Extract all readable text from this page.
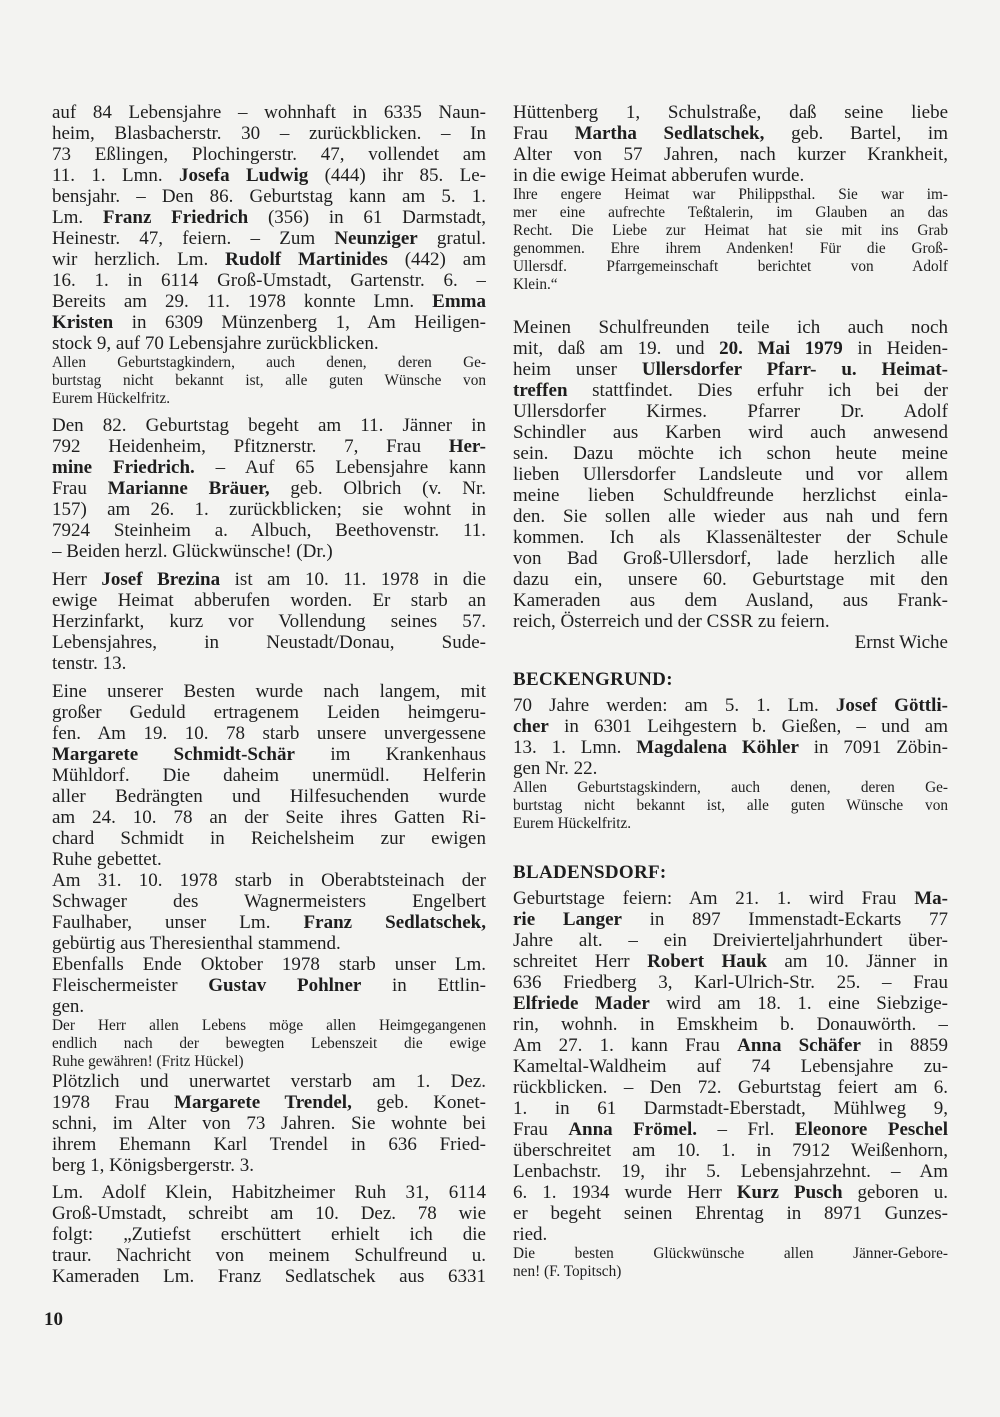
auf 84 Lebensjahre – wohnhaft in 6335 Naun-
heim, Blasbacherstr. 30 – zurückblicken. – In
73 Eßlingen, Plochingerstr. 47, vollendet am
11. 1. Lmn. Josefa Ludwig (444) ihr 85. Le-
bensjahr. – Den 86. Geburtstag kann am 5. 1.
Lm. Franz Friedrich (356) in 61 Darmstadt,
Heinestr. 47, feiern. – Zum Neunziger gratul.
wir herzlich. Lm. Rudolf Martinides (442) am
16. 1. in 6114 Groß-Umstadt, Gartenstr. 6. –
Bereits am 29. 11. 1978 konnte Lmn. Emma
Kristen in 6309 Münzenberg 1, Am Heiligen-
stock 9, auf 70 Lebensjahre zurückblicken.
Allen Geburtstagkindern, auch denen, deren Ge-
burtstag nicht bekannt ist, alle guten Wünsche von
Eurem Hückelfritz.
Den 82. Geburtstag begeht am 11. Jänner in
792 Heidenheim, Pfitznerstr. 7, Frau Her-
mine Friedrich. – Auf 65 Lebensjahre kann
Frau Marianne Bräuer, geb. Olbrich (v. Nr.
157) am 26. 1. zurückblicken; sie wohnt in
7924 Steinheim a. Albuch, Beethovenstr. 11.
– Beiden herzl. Glückwünsche! (Dr.)
Herr Josef Brezina ist am 10. 11. 1978 in die
ewige Heimat abberufen worden. Er starb an
Herzinfarkt, kurz vor Vollendung seines 57.
Lebensjahres, in Neustadt/Donau, Sude-
tenstr. 13.
Eine unserer Besten wurde nach langem, mit
großer Geduld ertragenem Leiden heimgeru-
fen. Am 19. 10. 78 starb unsere unvergessene
Margarete Schmidt-Schär im Krankenhaus
Mühldorf. Die daheim unermüdl. Helferin
aller Bedrängten und Hilfesuchenden wurde
am 24. 10. 78 an der Seite ihres Gatten Ri-
chard Schmidt in Reichelsheim zur ewigen
Ruhe gebettet.
Am 31. 10. 1978 starb in Oberabtsteinach der
Schwager des Wagnermeisters Engelbert
Faulhaber, unser Lm. Franz Sedlatschek,
gebürtig aus Theresienthal stammend.
Ebenfalls Ende Oktober 1978 starb unser Lm.
Fleischermeister Gustav Pohlner in Ettlin-
gen.
Der Herr allen Lebens möge allen Heimgegangenen
endlich nach der bewegten Lebenszeit die ewige
Ruhe gewähren! (Fritz Hückel)
Plötzlich und unerwartet verstarb am 1. Dez.
1978 Frau Margarete Trendel, geb. Konet-
schni, im Alter von 73 Jahren. Sie wohnte bei
ihrem Ehemann Karl Trendel in 636 Fried-
berg 1, Königsbergerstr. 3.
Lm. Adolf Klein, Habitzheimer Ruh 31, 6114
Groß-Umstadt, schreibt am 10. Dez. 78 wie
folgt: „Zutiefst erschüttert erhielt ich die
traur. Nachricht von meinem Schulfreund u.
Kameraden Lm. Franz Sedlatschek aus 6331
Hüttenberg 1, Schulstraße, daß seine liebe
Frau Martha Sedlatschek, geb. Bartel, im
Alter von 57 Jahren, nach kurzer Krankheit,
in die ewige Heimat abberufen wurde.
Ihre engere Heimat war Philippsthal. Sie war im-
mer eine aufrechte Teßtalerin, im Glauben an das
Recht. Die Liebe zur Heimat hat sie mit ins Grab
genommen. Ehre ihrem Andenken! Für die Groß-
Ullersdf. Pfarrgemeinschaft berichtet von Adolf
Klein.“
Meinen Schulfreunden teile ich auch noch
mit, daß am 19. und 20. Mai 1979 in Heiden-
heim unser Ullersdorfer Pfarr- u. Heimat-
treffen stattfindet. Dies erfuhr ich bei der
Ullersdorfer Kirmes. Pfarrer Dr. Adolf
Schindler aus Karben wird auch anwesend
sein. Dazu möchte ich schon heute meine
lieben Ullersdorfer Landsleute und vor allem
meine lieben Schuldfreunde herzlichst einla-
den. Sie sollen alle wieder aus nah und fern
kommen. Ich als Klassenältester der Schule
von Bad Groß-Ullersdorf, lade herzlich alle
dazu ein, unsere 60. Geburtstage mit den
Kameraden aus dem Ausland, aus Frank-
reich, Österreich und der CSSR zu feiern.
Ernst Wiche
BECKENGRUND:
70 Jahre werden: am 5. 1. Lm. Josef Göttli-
cher in 6301 Leihgestern b. Gießen, – und am
13. 1. Lmn. Magdalena Köhler in 7091 Zöbin-
gen Nr. 22.
Allen Geburtstagskindern, auch denen, deren Ge-
burtstag nicht bekannt ist, alle guten Wünsche von
Eurem Hückelfritz.
BLADENSDORF:
Geburtstage feiern: Am 21. 1. wird Frau Ma-
rie Langer in 897 Immenstadt-Eckarts 77
Jahre alt. – ein Dreivierteljahrhundert über-
schreitet Herr Robert Hauk am 10. Jänner in
636 Friedberg 3, Karl-Ulrich-Str. 25. – Frau
Elfriede Mader wird am 18. 1. eine Siebzige-
rin, wohnh. in Emskheim b. Donauwörth. –
Am 27. 1. kann Frau Anna Schäfer in 8859
Kameltal-Waldheim auf 74 Lebensjahre zu-
rückblicken. – Den 72. Geburtstag feiert am 6.
1. in 61 Darmstadt-Eberstadt, Mühlweg 9,
Frau Anna Frömel. – Frl. Eleonore Peschel
überschreitet am 10. 1. in 7912 Weißenhorn,
Lenbachstr. 19, ihr 5. Lebensjahrzehnt. – Am
6. 1. 1934 wurde Herr Kurz Pusch geboren u.
er begeht seinen Ehrentag in 8971 Gunzes-
ried.
Die besten Glückwünsche allen Jänner-Gebore-
nen! (F. Topitsch)
10
